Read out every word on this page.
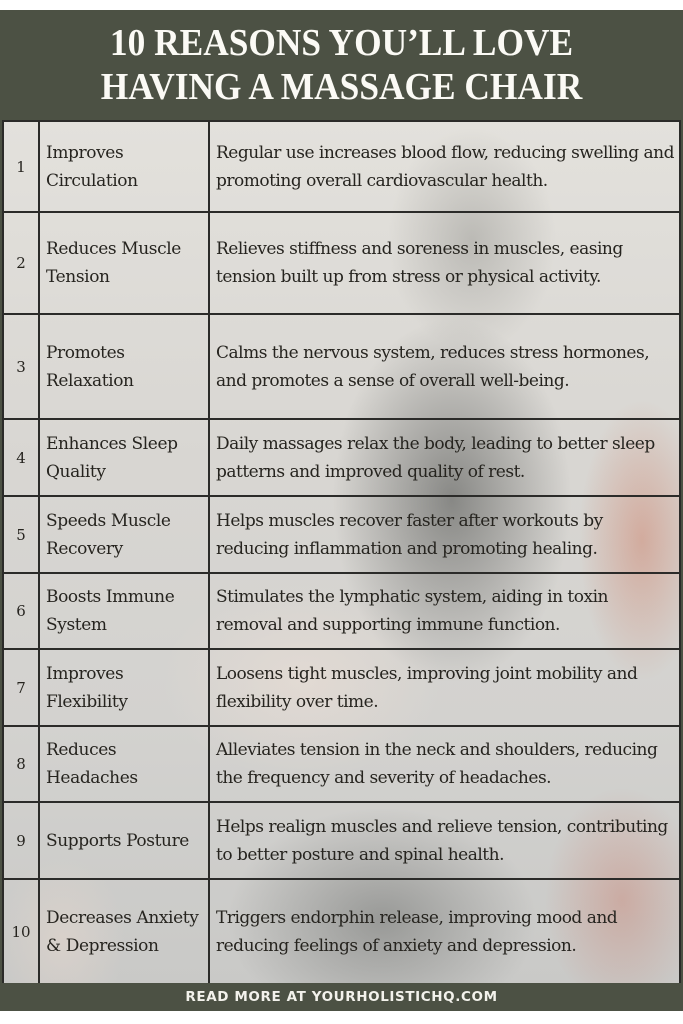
10 REASONS YOU’LL LOVE
HAVING A MASSAGE CHAIR
1	Improves Circulation	Regular use increases blood flow, reducing swelling and promoting overall cardiovascular health.
2	Reduces Muscle Tension	Relieves stiffness and soreness in muscles, easing tension built up from stress or physical activity.
3	Promotes Relaxation	Calms the nervous system, reduces stress hormones, and promotes a sense of overall well-being.
4	Enhances Sleep Quality	Daily massages relax the body, leading to better sleep patterns and improved quality of rest.
5	Speeds Muscle Recovery	Helps muscles recover faster after workouts by reducing inflammation and promoting healing.
6	Boosts Immune System	Stimulates the lymphatic system, aiding in toxin removal and supporting immune function.
7	Improves Flexibility	Loosens tight muscles, improving joint mobility and flexibility over time.
8	Reduces Headaches	Alleviates tension in the neck and shoulders, reducing the frequency and severity of headaches.
9	Supports Posture	Helps realign muscles and relieve tension, contributing to better posture and spinal health.
10	Decreases Anxiety & Depression	Triggers endorphin release, improving mood and reducing feelings of anxiety and depression.
READ MORE AT YOURHOLISTICHQ.COM
